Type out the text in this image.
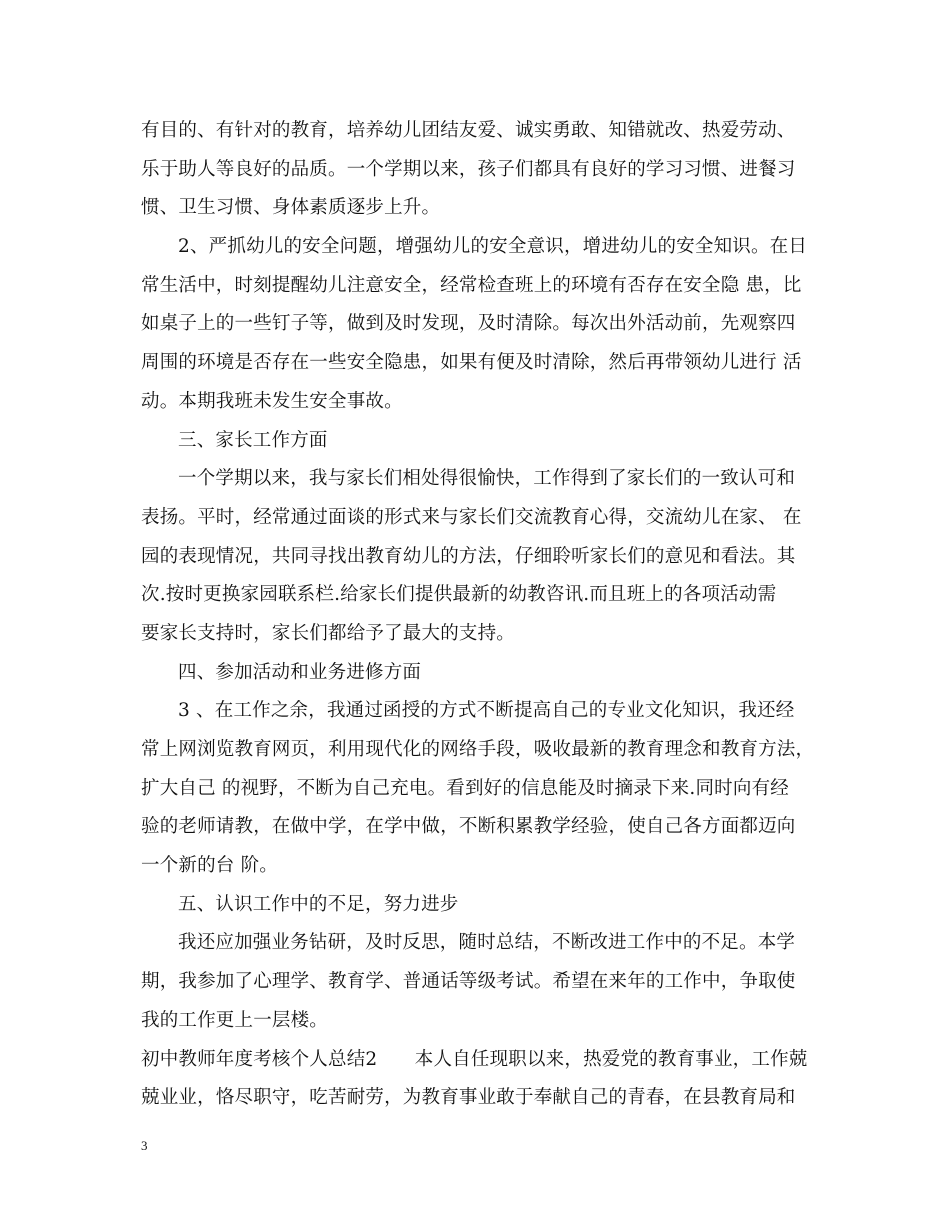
有目的、有针对的教育，培养幼儿团结友爱、诚实勇敢、知错就改、热爱劳动、
乐于助人等良好的品质。一个学期以来，孩子们都具有良好的学习习惯、进餐习
惯、卫生习惯、身体素质逐步上升。
2、严抓幼儿的安全问题，增强幼儿的安全意识，增进幼儿的安全知识。在日
常生活中，时刻提醒幼儿注意安全，经常检查班上的环境有否存在安全隐 患，比
如桌子上的一些钉子等，做到及时发现，及时清除。每次出外活动前，先观察四
周围的环境是否存在一些安全隐患，如果有便及时清除，然后再带领幼儿进行 活
动。本期我班未发生安全事故。
三、家长工作方面
一个学期以来，我与家长们相处得很愉快，工作得到了家长们的一致认可和
表扬。平时，经常通过面谈的形式来与家长们交流教育心得，交流幼儿在家、 在
园的表现情况，共同寻找出教育幼儿的方法，仔细聆听家长们的意见和看法。其
次.按时更换家园联系栏.给家长们提供最新的幼教咨讯.而且班上的各项活动需
要家长支持时，家长们都给予了最大的支持。
四、参加活动和业务进修方面
3 、在工作之余，我通过函授的方式不断提高自己的专业文化知识，我还经
常上网浏览教育网页，利用现代化的网络手段，吸收最新的教育理念和教育方法，
扩大自己 的视野，不断为自己充电。看到好的信息能及时摘录下来.同时向有经
验的老师请教，在做中学，在学中做，不断积累教学经验，使自己各方面都迈向
一个新的台 阶。
五、认识工作中的不足，努力进步
我还应加强业务钻研，及时反思，随时总结，不断改进工作中的不足。本学
期，我参加了心理学、教育学、普通话等级考试。希望在来年的工作中，争取使
我的工作更上一层楼。
初中教师年度考核个人总结2　　本人自任现职以来，热爱党的教育事业，工作兢
兢业业，恪尽职守，吃苦耐劳，为教育事业敢于奉献自己的青春，在县教育局和
3
